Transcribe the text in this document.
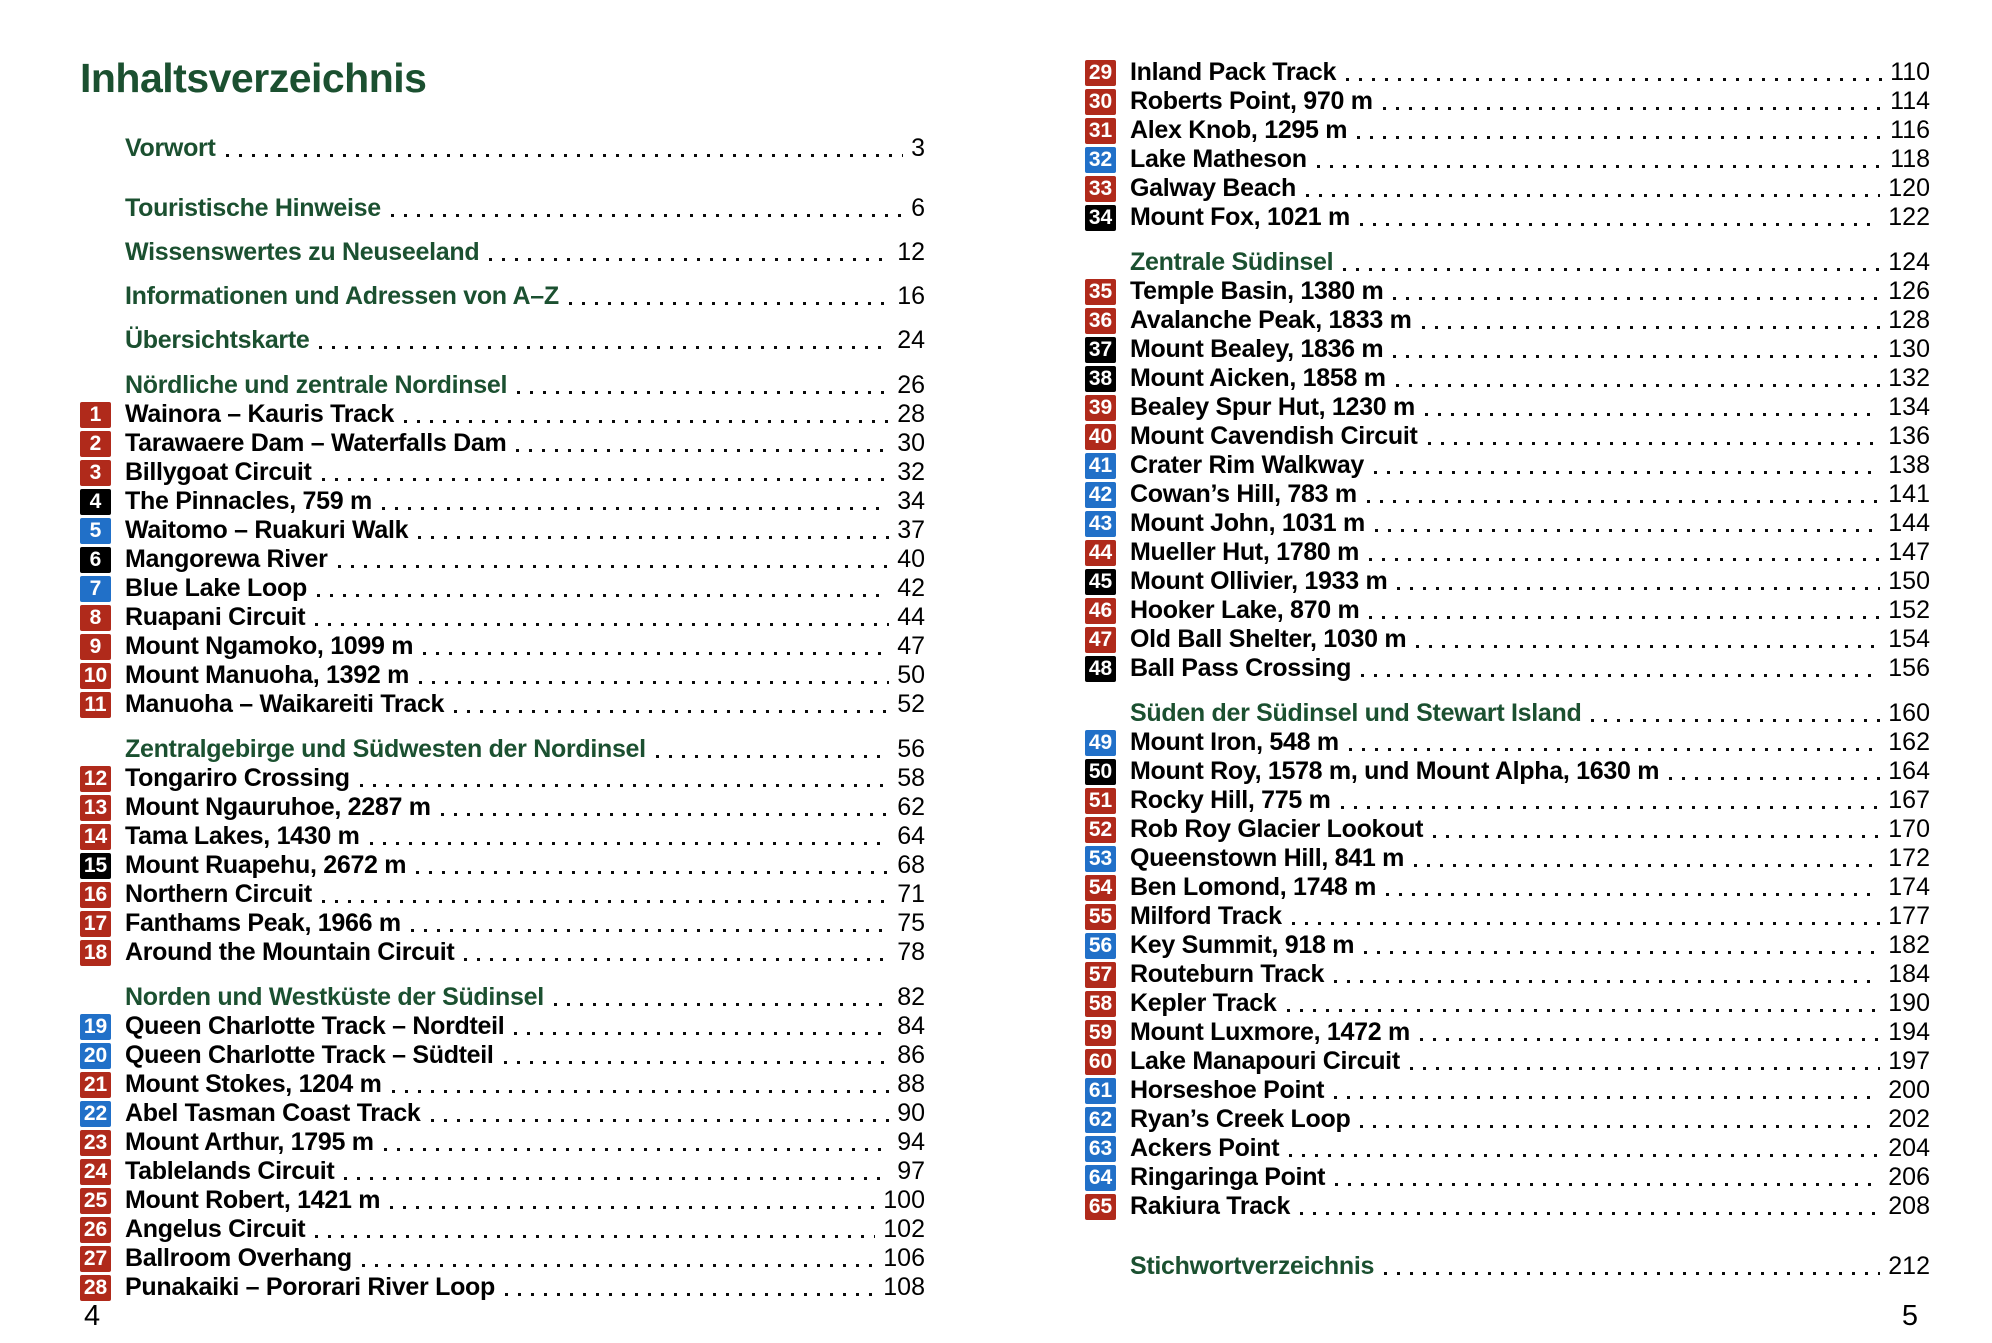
Inhaltsverzeichnis
Vorwort	3
Touristische Hinweise	6
Wissenswertes zu Neuseeland	12
Informationen und Adressen von A–Z	16
Übersichtskarte	24
Nördliche und zentrale Nordinsel	26
1 Wainora – Kauris Track	28
2 Tarawaere Dam – Waterfalls Dam	30
3 Billygoat Circuit	32
4 The Pinnacles, 759 m	34
5 Waitomo – Ruakuri Walk	37
6 Mangorewa River	40
7 Blue Lake Loop	42
8 Ruapani Circuit	44
9 Mount Ngamoko, 1099 m	47
10 Mount Manuoha, 1392 m	50
11 Manuoha – Waikareiti Track	52
Zentralgebirge und Südwesten der Nordinsel	56
12 Tongariro Crossing	58
13 Mount Ngauruhoe, 2287 m	62
14 Tama Lakes, 1430 m	64
15 Mount Ruapehu, 2672 m	68
16 Northern Circuit	71
17 Fanthams Peak, 1966 m	75
18 Around the Mountain Circuit	78
Norden und Westküste der Südinsel	82
19 Queen Charlotte Track – Nordteil	84
20 Queen Charlotte Track – Südteil	86
21 Mount Stokes, 1204 m	88
22 Abel Tasman Coast Track	90
23 Mount Arthur, 1795 m	94
24 Tablelands Circuit	97
25 Mount Robert, 1421 m	100
26 Angelus Circuit	102
27 Ballroom Overhang	106
28 Punakaiki – Pororari River Loop	108
29 Inland Pack Track	110
30 Roberts Point, 970 m	114
31 Alex Knob, 1295 m	116
32 Lake Matheson	118
33 Galway Beach	120
34 Mount Fox, 1021 m	122
Zentrale Südinsel	124
35 Temple Basin, 1380 m	126
36 Avalanche Peak, 1833 m	128
37 Mount Bealey, 1836 m	130
38 Mount Aicken, 1858 m	132
39 Bealey Spur Hut, 1230 m	134
40 Mount Cavendish Circuit	136
41 Crater Rim Walkway	138
42 Cowan’s Hill, 783 m	141
43 Mount John, 1031 m	144
44 Mueller Hut, 1780 m	147
45 Mount Ollivier, 1933 m	150
46 Hooker Lake, 870 m	152
47 Old Ball Shelter, 1030 m	154
48 Ball Pass Crossing	156
Süden der Südinsel und Stewart Island	160
49 Mount Iron, 548 m	162
50 Mount Roy, 1578 m, und Mount Alpha, 1630 m	164
51 Rocky Hill, 775 m	167
52 Rob Roy Glacier Lookout	170
53 Queenstown Hill, 841 m	172
54 Ben Lomond, 1748 m	174
55 Milford Track	177
56 Key Summit, 918 m	182
57 Routeburn Track	184
58 Kepler Track	190
59 Mount Luxmore, 1472 m	194
60 Lake Manapouri Circuit	197
61 Horseshoe Point	200
62 Ryan’s Creek Loop	202
63 Ackers Point	204
64 Ringaringa Point	206
65 Rakiura Track	208
Stichwortverzeichnis	212
4	5
